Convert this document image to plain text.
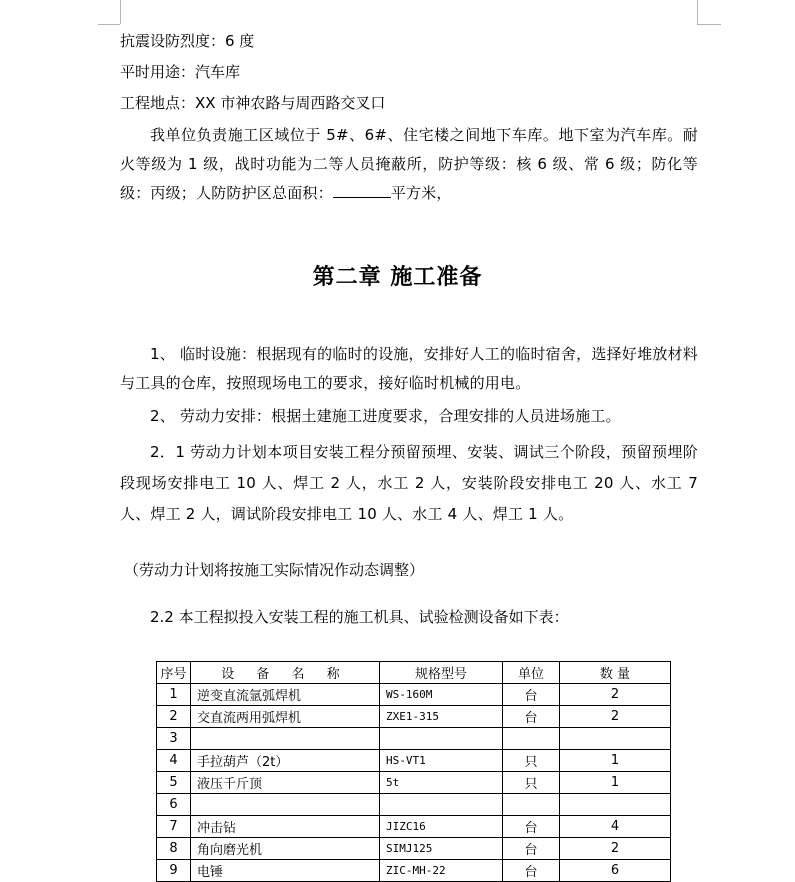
抗震设防烈度：6 度
平时用途：汽车库
工程地点：XX 市神农路与周西路交叉口
我单位负责施工区域位于 5#、6#、住宅楼之间地下车库。地下室为汽车库。耐火等级为 1 级，战时功能为二等人员掩蔽所，防护等级：核 6 级、常 6 级；防化等级：丙级；人防防护区总面积：	平方米，
第二章 施工准备
1、 临时设施：根据现有的临时的设施，安排好人工的临时宿舍，选择好堆放材料与工具的仓库，按照现场电工的要求，接好临时机械的用电。
2、 劳动力安排：根据土建施工进度要求，合理安排的人员进场施工。
2．1 劳动力计划本项目安装工程分预留预埋、安装、调试三个阶段，预留预埋阶段现场安排电工 10 人、焊工 2 人，水工 2 人，安装阶段安排电工 20 人、水工 7 人、焊工 2 人，调试阶段安排电工 10 人、水工 4 人、焊工 1 人。
（劳动力计划将按施工实际情况作动态调整）
2.2 本工程拟投入安装工程的施工机具、试验检测设备如下表：
序号	设 备 名 称	规格型号	单位	数 量
1	逆变直流氩弧焊机	WS-160M	台	2
2	交直流两用弧焊机	ZXE1-315	台	2
3				
4	手拉葫芦（2t）	HS-VT1	只	1
5	液压千斤顶	5t	只	1
6				
7	冲击钻	JIZC16	台	4
8	角向磨光机	SIMJ125	台	2
9	电锤	ZIC-MH-22	台	6
